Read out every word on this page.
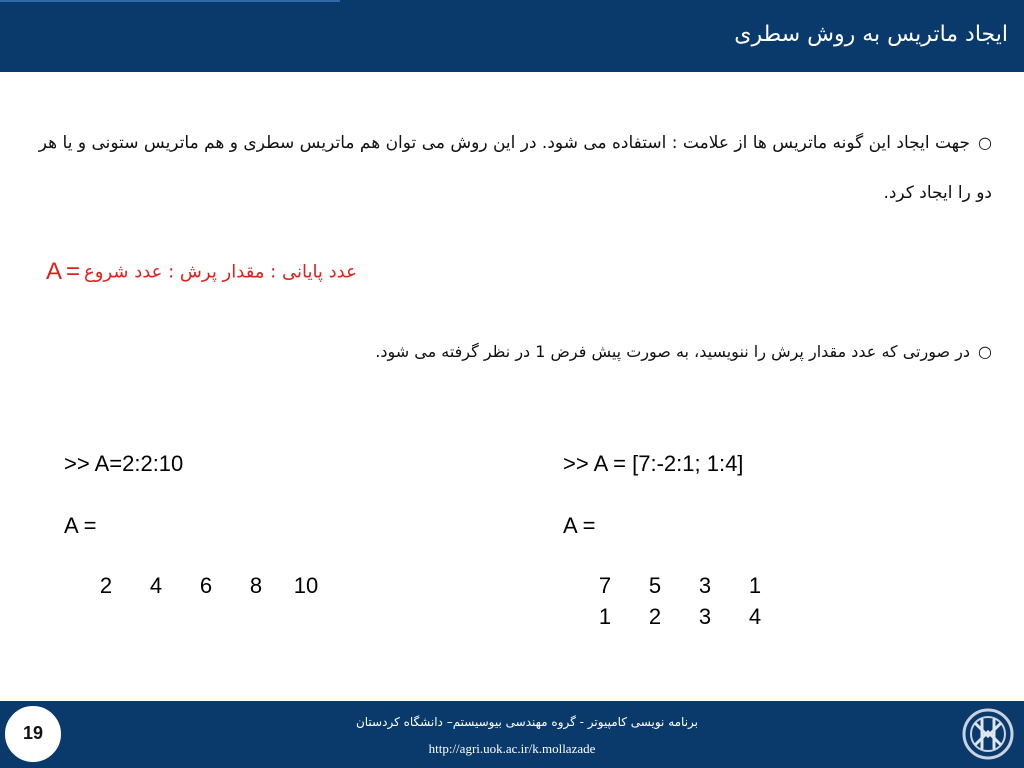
ایجاد ماتریس به روش سطری
○جهت ایجاد این گونه ماتریس ها از علامت : استفاده می شود. در این روش می توان هم ماتریس سطری و هم ماتریس ستونی و یا هر دو را ایجاد کرد.
A = عدد پایانی : مقدار پرش : عدد شروع
○در صورتی که عدد مقدار پرش را ننویسید، به صورت پیش فرض 1 در نظر گرفته می شود.
>> A=2:2:10
A =
2	4	6	8	10
>> A = [7:-2:1; 1:4]
A =
7	5	3	1
1	2	3	4
برنامه نویسی کامپیوتر - گروه مهندسی بیوسیستم– دانشگاه کردستان
http://agri.uok.ac.ir/k.mollazade
19
